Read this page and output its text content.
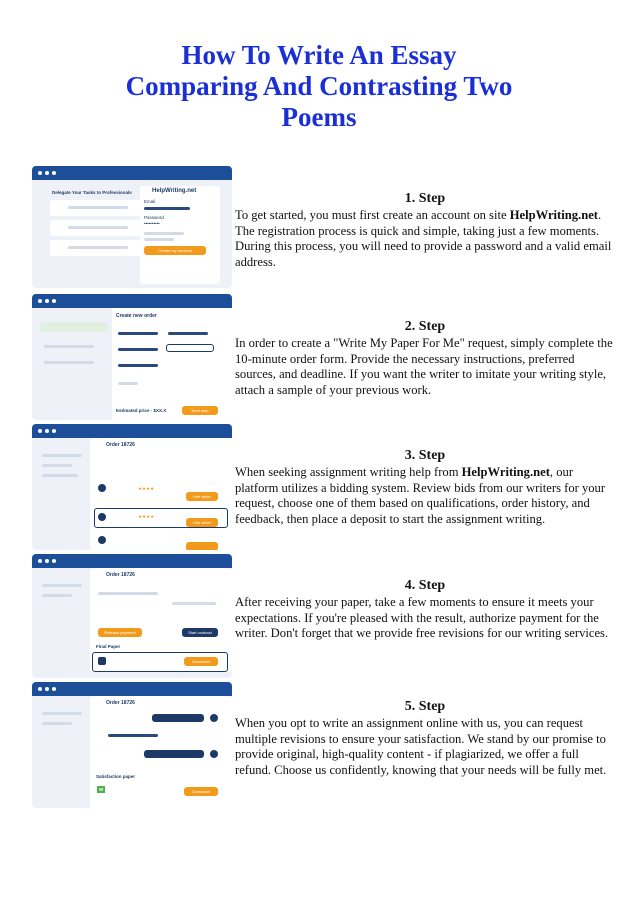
How To Write An Essay
Comparing And Contrasting Two
Poems
Delegate Your Tasks to Professionals	HelpWriting.net
Email
Password
••••••••••
Create my account
1. Step
To get started, you must first create an account on site HelpWriting.net. The registration process is quick and simple, taking just a few moments. During this process, you will need to provide a password and a valid email address.
Create new order
Estimated price · $XX.X	Next step
2. Step
In order to create a "Write My Paper For Me" request, simply complete the 10-minute order form. Provide the necessary instructions, preferred sources, and deadline. If you want the writer to imitate your writing style, attach a sample of your previous work.
Order 18726
★★★★
Hire writer
★★★★
Hire writer
3. Step
When seeking assignment writing help from HelpWriting.net, our platform utilizes a bidding system. Review bids from our writers for your request, choose one of them based on qualifications, order history, and feedback, then place a deposit to start the assignment writing.
Order 18726
Release payment	Start contract
Final Paper
Download
4. Step
After receiving your paper, take a few moments to ensure it meets your expectations. If you're pleased with the result, authorize payment for the writer. Don't forget that we provide free revisions for our writing services.
Order 18726
Satisfaction paper
W	Download
5. Step
When you opt to write an assignment online with us, you can request multiple revisions to ensure your satisfaction. We stand by our promise to provide original, high-quality content - if plagiarized, we offer a full refund. Choose us confidently, knowing that your needs will be fully met.
